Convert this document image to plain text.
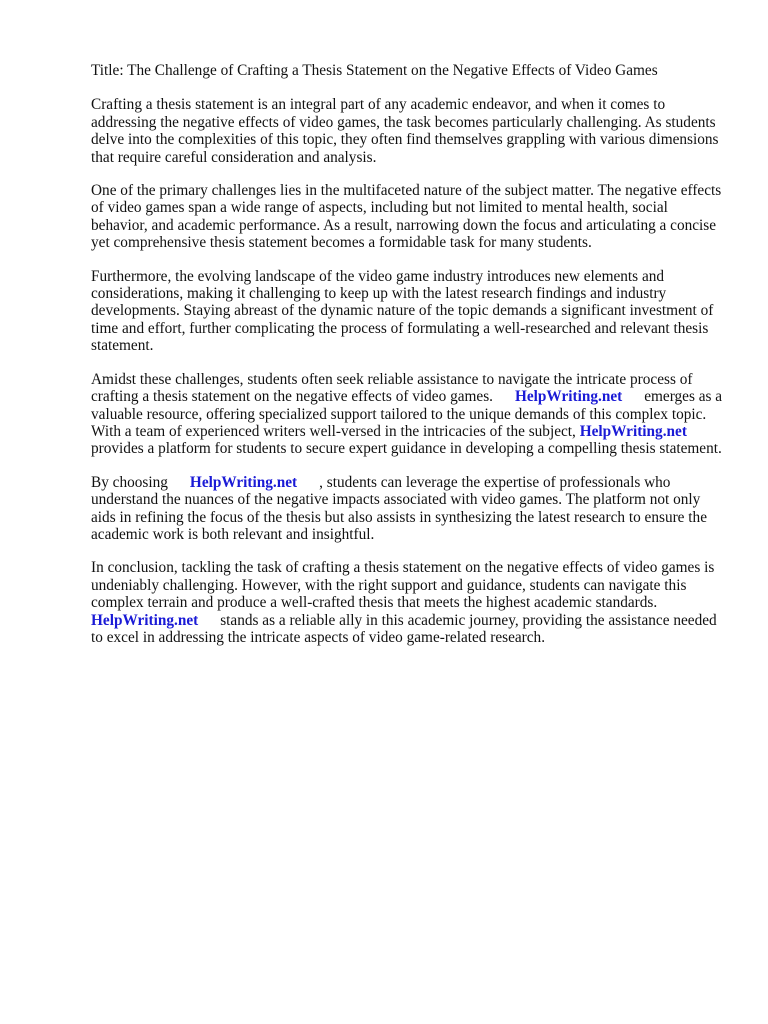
Title: The Challenge of Crafting a Thesis Statement on the Negative Effects of Video Games

Crafting a thesis statement is an integral part of any academic endeavor, and when it comes to addressing the negative effects of video games, the task becomes particularly challenging. As students delve into the complexities of this topic, they often find themselves grappling with various dimensions that require careful consideration and analysis.

One of the primary challenges lies in the multifaceted nature of the subject matter. The negative effects of video games span a wide range of aspects, including but not limited to mental health, social behavior, and academic performance. As a result, narrowing down the focus and articulating a concise yet comprehensive thesis statement becomes a formidable task for many students.

Furthermore, the evolving landscape of the video game industry introduces new elements and considerations, making it challenging to keep up with the latest research findings and industry developments. Staying abreast of the dynamic nature of the topic demands a significant investment of time and effort, further complicating the process of formulating a well-researched and relevant thesis statement.

Amidst these challenges, students often seek reliable assistance to navigate the intricate process of crafting a thesis statement on the negative effects of video games. HelpWriting.net emerges as a valuable resource, offering specialized support tailored to the unique demands of this complex topic. With a team of experienced writers well-versed in the intricacies of the subject, HelpWriting.netprovides a platform for students to secure expert guidance in developing a compelling thesis statement.

By choosing HelpWriting.net , students can leverage the expertise of professionals who understand the nuances of the negative impacts associated with video games. The platform not only aids in refining the focus of the thesis but also assists in synthesizing the latest research to ensure the academic work is both relevant and insightful.

In conclusion, tackling the task of crafting a thesis statement on the negative effects of video games is undeniably challenging. However, with the right support and guidance, students can navigate this complex terrain and produce a well-crafted thesis that meets the highest academic standards. HelpWriting.net stands as a reliable ally in this academic journey, providing the assistance needed to excel in addressing the intricate aspects of video game-related research.
